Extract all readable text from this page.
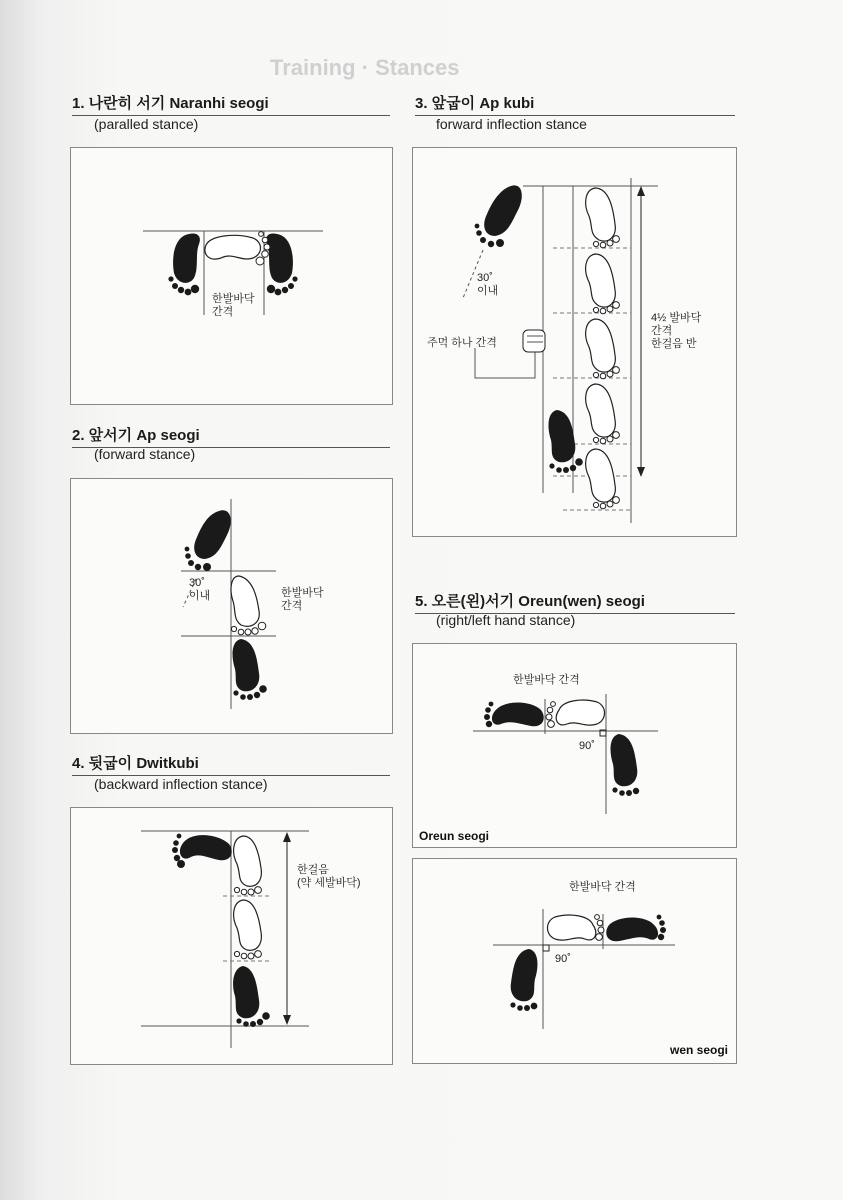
Training · Stances
1. 나란히 서기 Naranhi seogi
(paralled stance)
한발바닥
간격
2. 앞서기 Ap seogi
(forward stance)
30˚
이내	한발바닥
간격
3. 앞굽이 Ap kubi
forward inflection stance
30˚
이내
주먹 하나 간격
4½ 발바닥
간격
한걸음 반
4. 뒷굽이 Dwitkubi
(backward inflection stance)
한걸음
(약 세발바닥)
5. 오른(왼)서기 Oreun(wen) seogi
(right/left hand stance)
한발바닥 간격
90˚
Oreun seogi
한발바닥 간격
90˚
wen seogi
